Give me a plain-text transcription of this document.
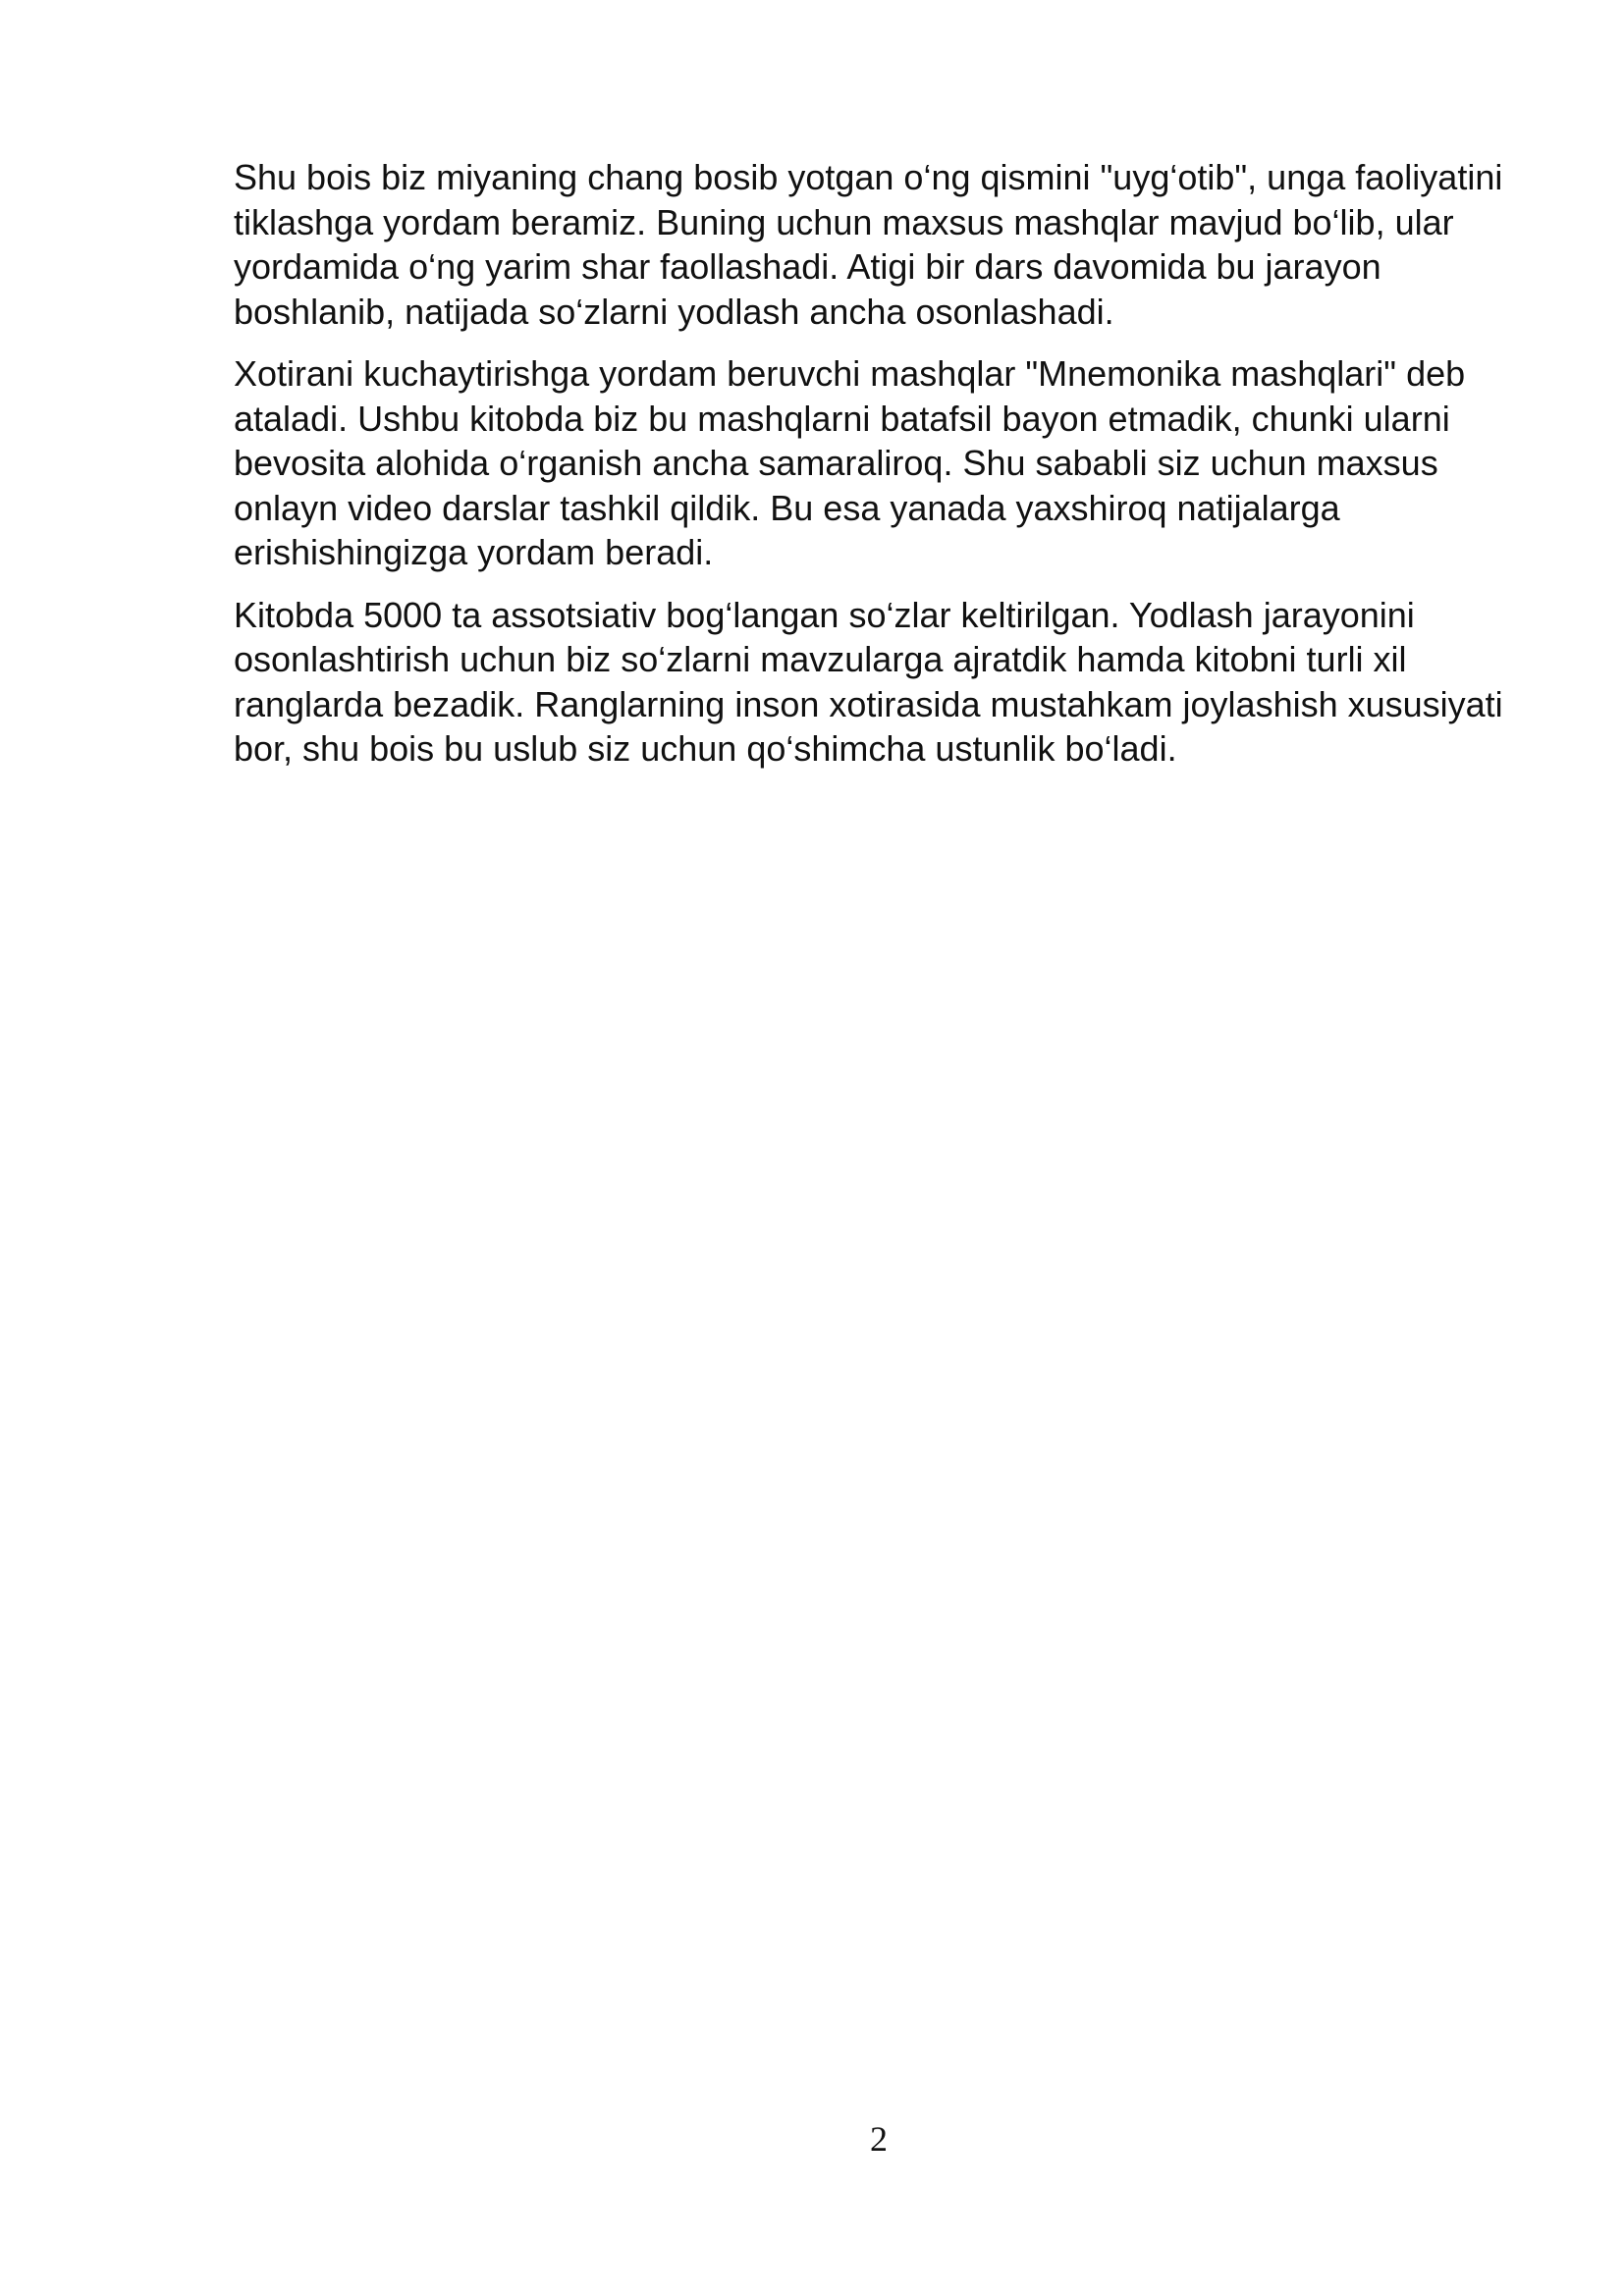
Shu bois biz miyaning chang bosib yotgan o‘ng qismini "uyg‘otib", unga faoliyatini tiklashga yordam beramiz. Buning uchun maxsus mashqlar mavjud bo‘lib, ular yordamida o‘ng yarim shar faollashadi. Atigi bir dars davomida bu jarayon boshlanib, natijada so‘zlarni yodlash ancha osonlashadi.

Xotirani kuchaytirishga yordam beruvchi mashqlar "Mnemonika mashqlari" deb ataladi. Ushbu kitobda biz bu mashqlarni batafsil bayon etmadik, chunki ularni bevosita alohida o‘rganish ancha samaraliroq. Shu sababli siz uchun maxsus onlayn video darslar tashkil qildik. Bu esa yanada yaxshiroq natijalarga erishishingizga yordam beradi.

Kitobda 5000 ta assotsiativ bog‘langan so‘zlar keltirilgan. Yodlash jarayonini osonlashtirish uchun biz so‘zlarni mavzularga ajratdik hamda kitobni turli xil ranglarda bezadik. Ranglarning inson xotirasida mustahkam joylashish xususiyati bor, shu bois bu uslub siz uchun qo‘shimcha ustunlik bo‘ladi.

2
